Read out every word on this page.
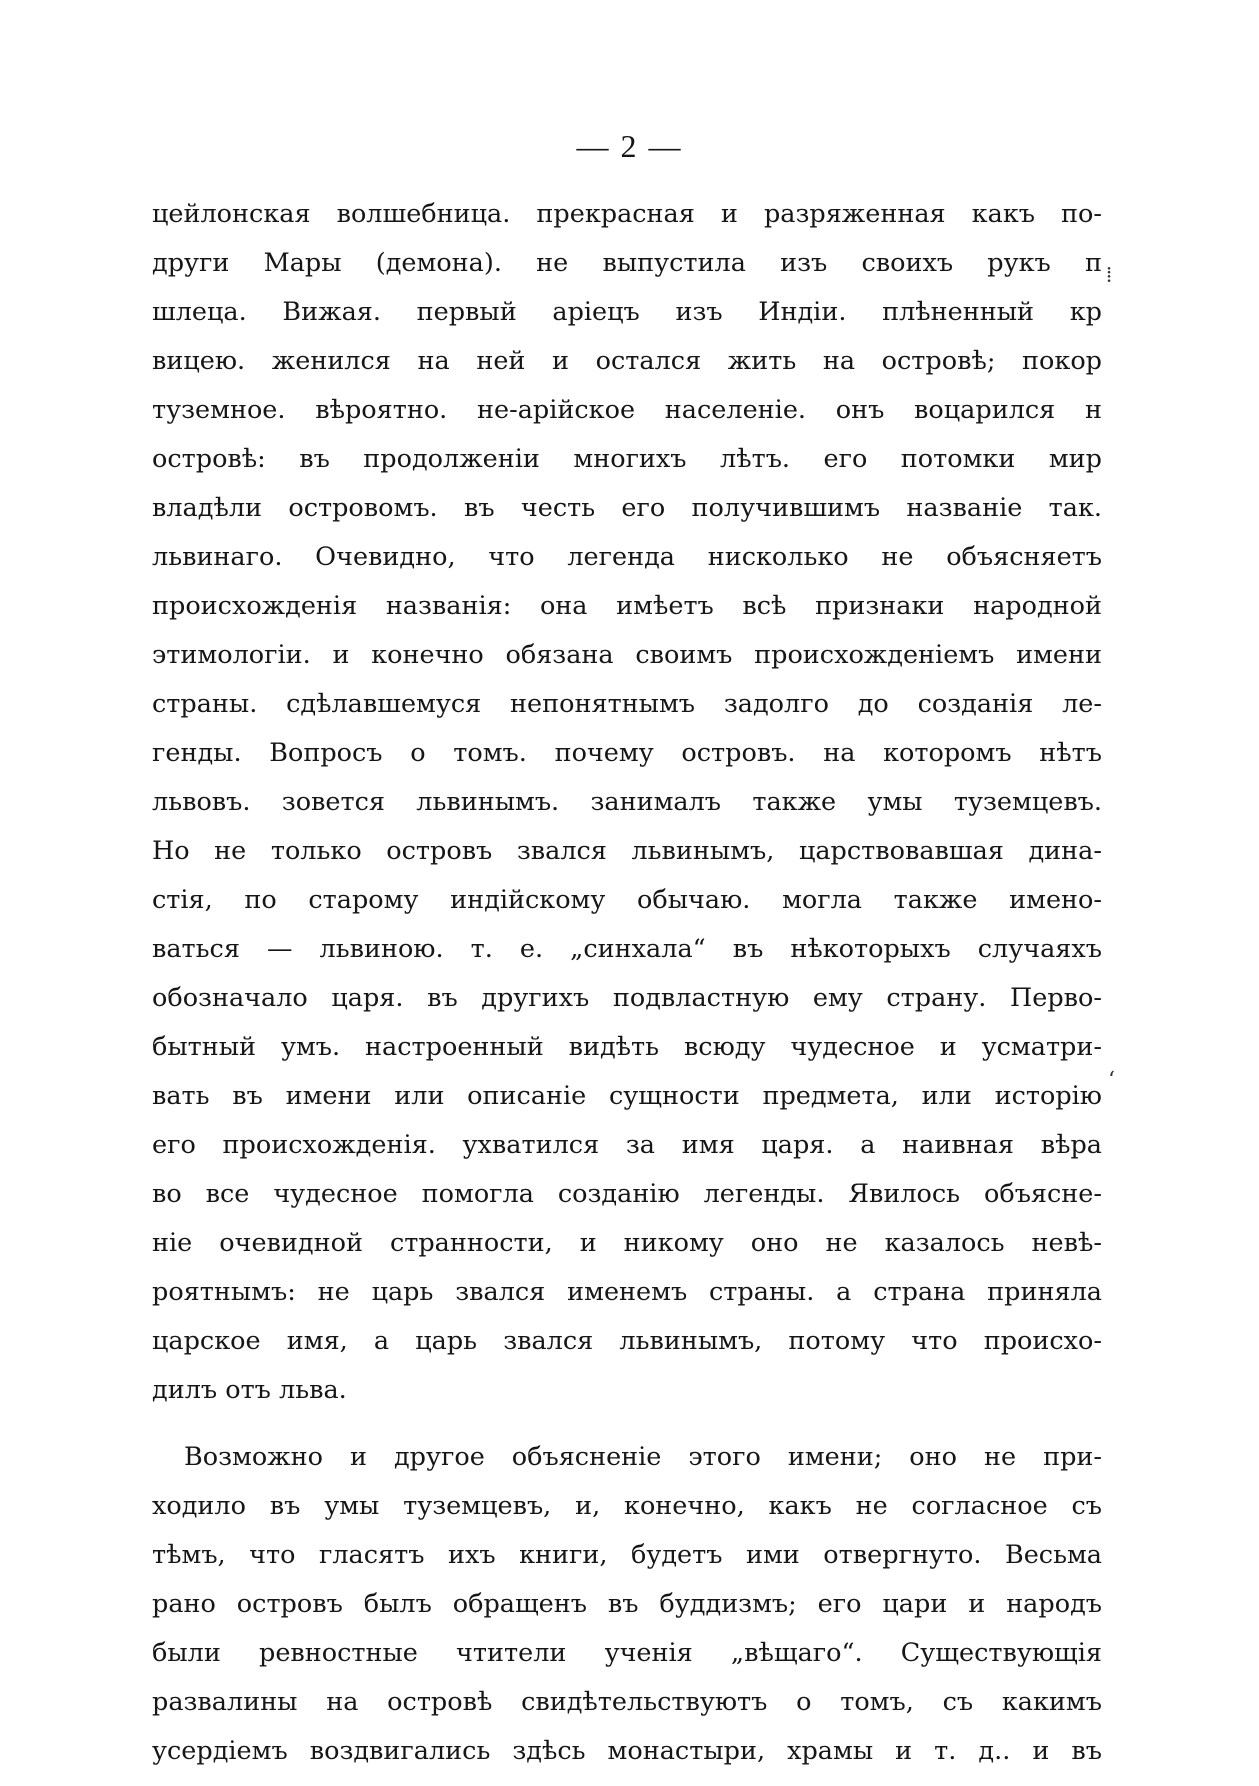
— 2 —
цейлонская волшебница. прекрасная и разряженная какъ по-
други Мары (демона). не выпустила изъ своихъ рукъ п
шлеца. Вижая. первый аріецъ изъ Индіи. плѣненный кр
вицею. женился на ней и остался жить на островѣ; покор
туземное. вѣроятно. не-арійское населеніе. онъ воцарился н
островѣ: въ продолженіи многихъ лѣтъ. его потомки мир
владѣли островомъ. въ честь его получившимъ названіе так.
львинаго. Очевидно, что легенда нисколько не объясняетъ
происхожденія названія: она имѣетъ всѣ признаки народной
этимологіи. и конечно обязана своимъ происхожденіемъ имени
страны. сдѣлавшемуся непонятнымъ задолго до созданія ле-
генды. Вопросъ о томъ. почему островъ. на которомъ нѣтъ
львовъ. зовется львинымъ. занималъ также умы туземцевъ.
Но не только островъ звался львинымъ, царствовавшая дина-
стія, по старому индійскому обычаю. могла также имено-
ваться — львиною. т. е. „синхала“ въ нѣкоторыхъ случаяхъ
обозначало царя. въ другихъ подвластную ему страну. Перво-
бытный умъ. настроенный видѣть всюду чудесное и усматри-
вать въ имени или описаніе сущности предмета, или исторію
его происхожденія. ухватился за имя царя. а наивная вѣра
во все чудесное помогла созданію легенды. Явилось объясне-
ніе очевидной странности, и никому оно не казалось невѣ-
роятнымъ: не царь звался именемъ страны. а страна приняла
царское имя, а царь звался львинымъ, потому что происхо-
дилъ отъ льва.
Возможно и другое объясненіе этого имени; оно не при-
ходило въ умы туземцевъ, и, конечно, какъ не согласное съ
тѣмъ, что гласятъ ихъ книги, будетъ ими отвергнуто. Весьма
рано островъ былъ обращенъ въ буддизмъ; его цари и народъ
были ревностные чтители ученія „вѣщаго“. Существующія
развалины на островѣ свидѣтельствуютъ о томъ, съ какимъ
усердіемъ воздвигались здѣсь монастыри, храмы и т. д.. и въ
⁞
ʻ
